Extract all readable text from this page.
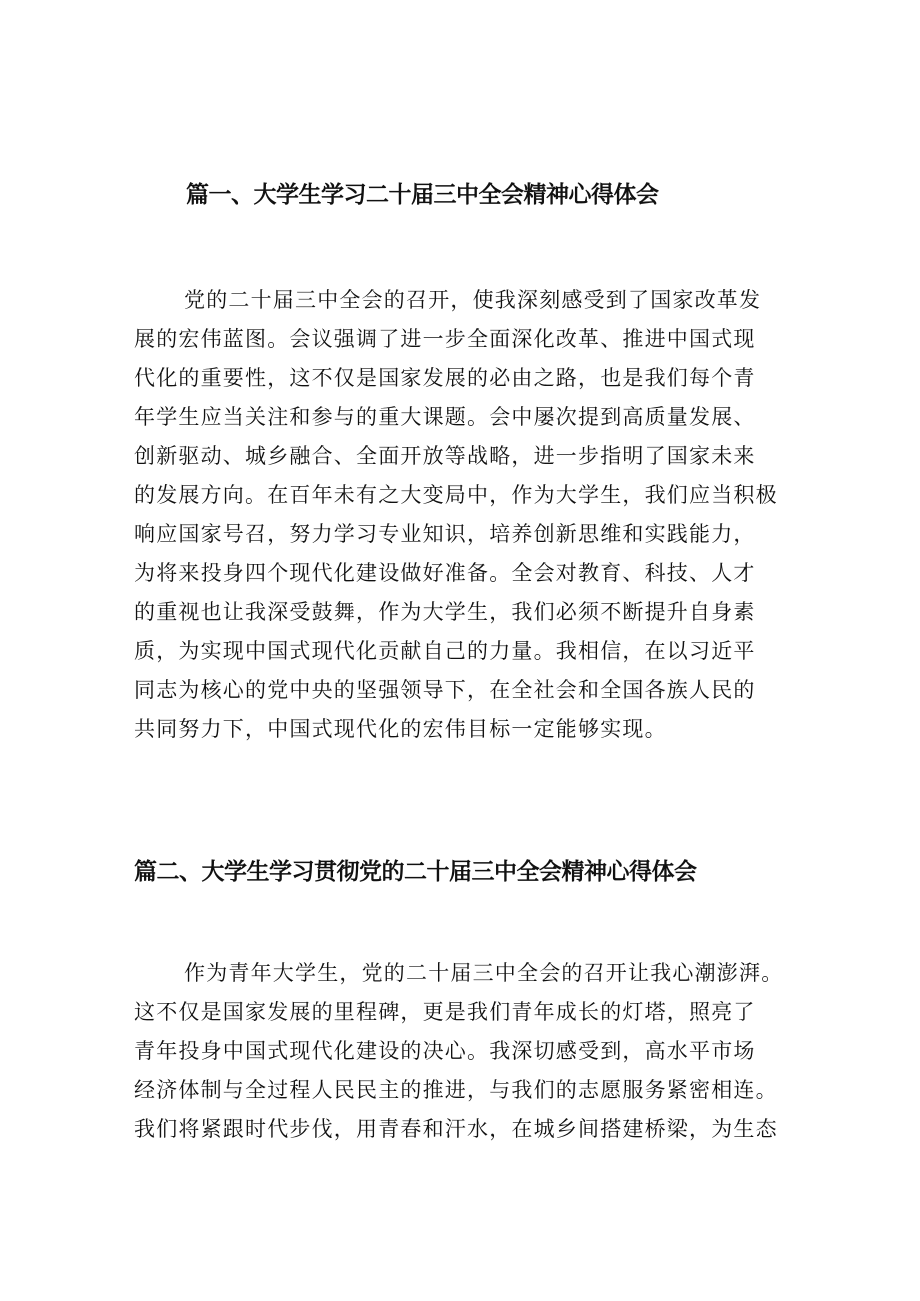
篇一、大学生学习二十届三中全会精神心得体会
党的二十届三中全会的召开，使我深刻感受到了国家改革发
展的宏伟蓝图。会议强调了进一步全面深化改革、推进中国式现
代化的重要性，这不仅是国家发展的必由之路，也是我们每个青
年学生应当关注和参与的重大课题。会中屡次提到高质量发展、
创新驱动、城乡融合、全面开放等战略，进一步指明了国家未来
的发展方向。在百年未有之大变局中，作为大学生，我们应当积极
响应国家号召，努力学习专业知识，培养创新思维和实践能力，
为将来投身四个现代化建设做好准备。全会对教育、科技、人才
的重视也让我深受鼓舞，作为大学生，我们必须不断提升自身素
质，为实现中国式现代化贡献自己的力量。我相信，在以习近平
同志为核心的党中央的坚强领导下，在全社会和全国各族人民的
共同努力下，中国式现代化的宏伟目标一定能够实现。
篇二、大学生学习贯彻党的二十届三中全会精神心得体会
作为青年大学生，党的二十届三中全会的召开让我心潮澎湃。
这不仅是国家发展的里程碑，更是我们青年成长的灯塔，照亮了
青年投身中国式现代化建设的决心。我深切感受到，高水平市场
经济体制与全过程人民民主的推进，与我们的志愿服务紧密相连。
我们将紧跟时代步伐，用青春和汗水，在城乡间搭建桥梁，为生态
